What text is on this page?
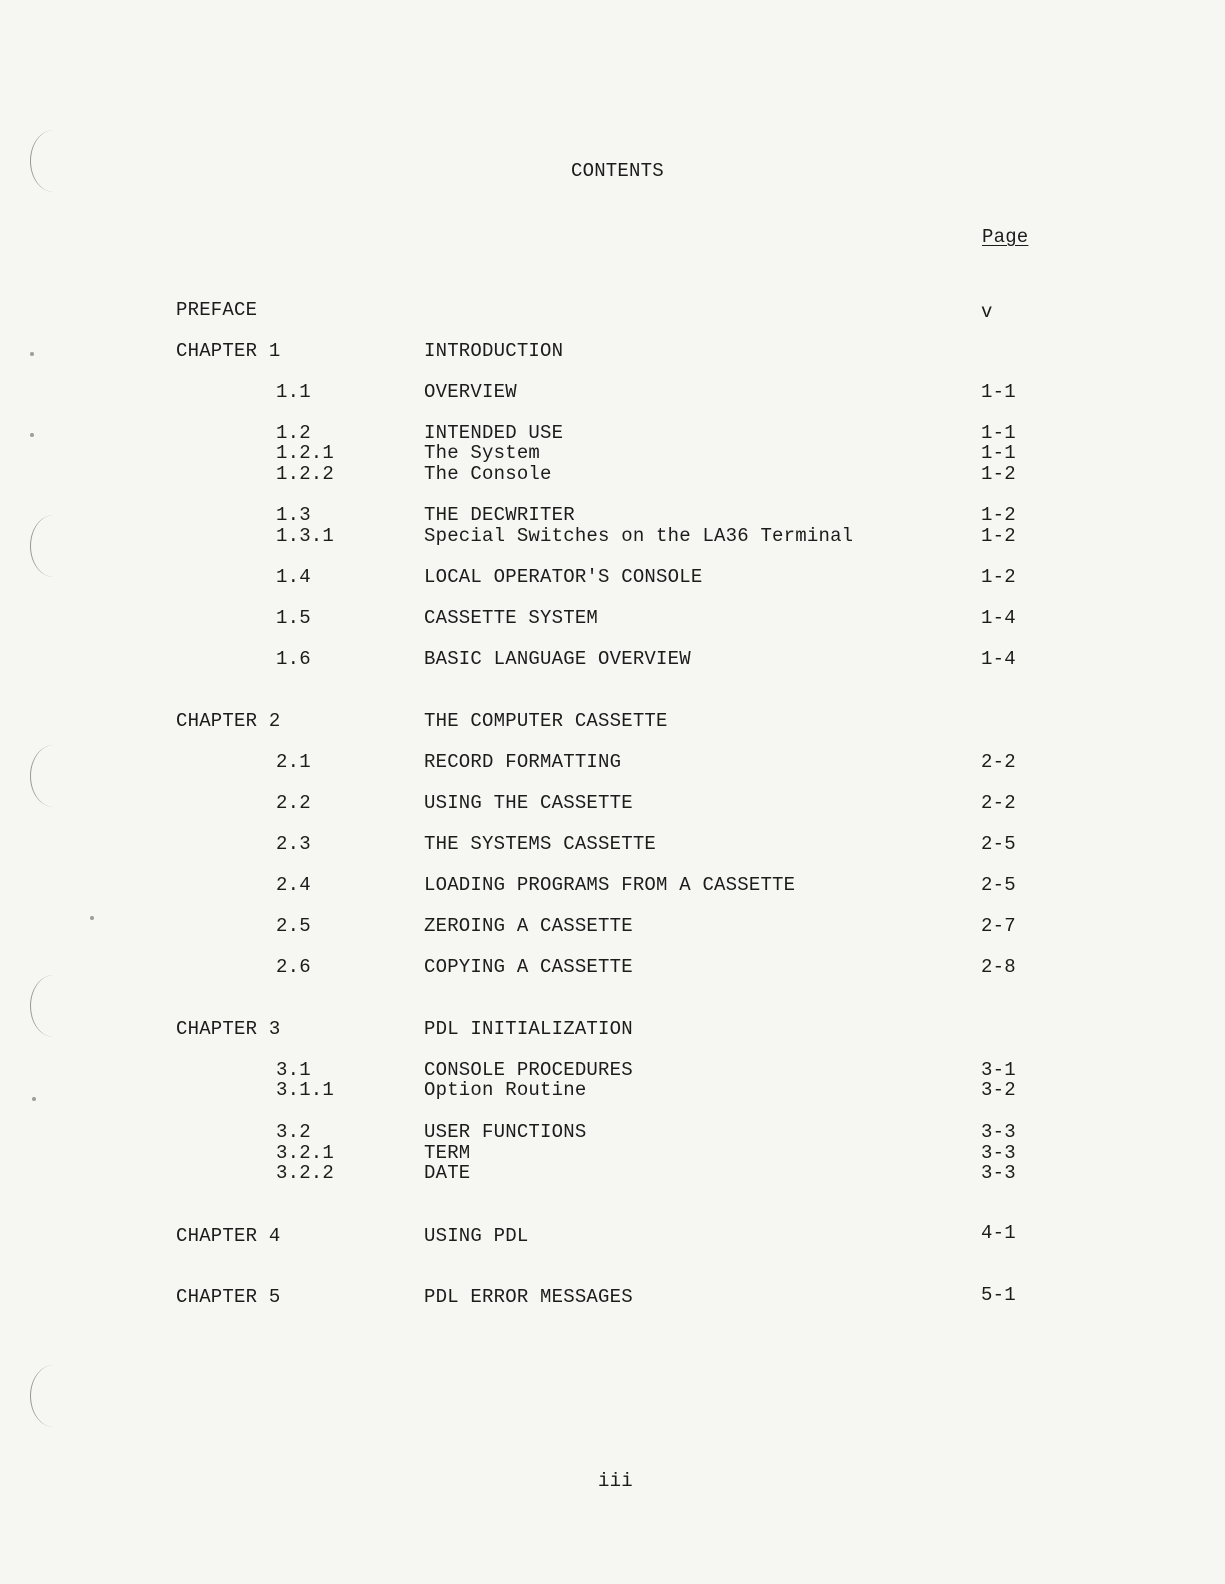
CONTENTS
Page
PREFACE	v
CHAPTER 1	INTRODUCTION
1.1	OVERVIEW	1-1
1.2	INTENDED USE	1-1
1.2.1	The System	1-1
1.2.2	The Console	1-2
1.3	THE DECWRITER	1-2
1.3.1	Special Switches on the LA36 Terminal	1-2
1.4	LOCAL OPERATOR'S CONSOLE	1-2
1.5	CASSETTE SYSTEM	1-4
1.6	BASIC LANGUAGE OVERVIEW	1-4
CHAPTER 2	THE COMPUTER CASSETTE
2.1	RECORD FORMATTING	2-2
2.2	USING THE CASSETTE	2-2
2.3	THE SYSTEMS CASSETTE	2-5
2.4	LOADING PROGRAMS FROM A CASSETTE	2-5
2.5	ZEROING A CASSETTE	2-7
2.6	COPYING A CASSETTE	2-8
CHAPTER 3	PDL INITIALIZATION
3.1	CONSOLE PROCEDURES	3-1
3.1.1	Option Routine	3-2
3.2	USER FUNCTIONS	3-3
3.2.1	TERM	3-3
3.2.2	DATE	3-3
CHAPTER 4	USING PDL	4-1
CHAPTER 5	PDL ERROR MESSAGES	5-1
iii
